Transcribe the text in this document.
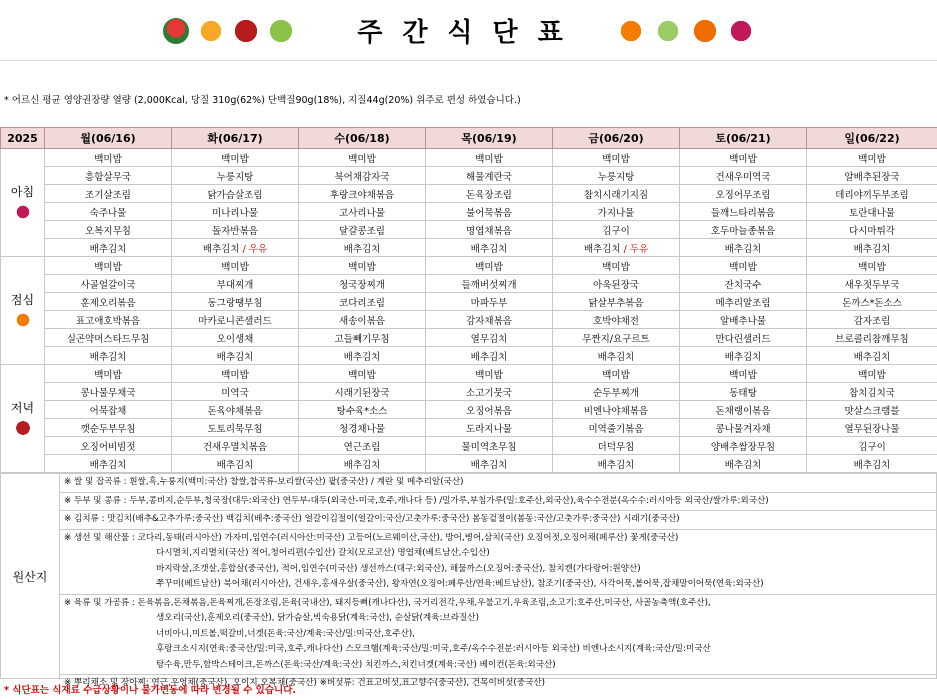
주간식단표
* 어르신 평균 영양권장량 열량 (2,000Kcal, 당질 310g(62%) 단백질90g(18%), 지질44g(20%) 위주로 편성 하였습니다.)
2025	월(06/16)	화(06/17)	수(06/18)	목(06/19)	금(06/20)	토(06/21)	일(06/22)

아침	백미밥	백미밥	백미밥	백미밥	백미밥	백미밥	백미밥
	흥함살무국	누룽지탕	북어채감자국	해물계란국	누룽지탕	건새우미역국	알배추된장국
	조기살조림	닭가슴살조림	후랑크야채볶음	돈육장조림	참치시래기지짐	오징어무조림	데리야끼두부조림
	숙주나물	미나리나물	고사리나물	불어묵볶음	가지나물	들깨느타리볶음	토란대나물
	오복지무침	돌자반볶음	달걀콩조림	명엽채볶음	김구이	호두마늘종볶음	다시마튀각
	배추김치	배추김치 / 우유	배추김치	배추김치	배추김치 / 두유	배추김치	배추김치

점심	백미밥	백미밥	백미밥	백미밥	백미밥	백미밥	백미밥
	사골얼갈이국	부대찌개	청국장찌개	들깨버섯찌개	아욱된장국	잔치국수	새우젓두부국
	훈제오리볶음	동그랑땡부침	코다리조림	마파두부	닭살부추볶음	메추리알조림	돈까스*돈소스
	표고애호박볶음	마카로니콘샐러드	새송이볶음	감자채볶음	호박야채전	알배추나물	감자조림
	실곤약머스타드무침	오이생채	고들빼기무침	열무김치	무짠지/요구르트	만다린샐러드	브로콜리참깨무침
	배추김치	배추김치	배추김치	배추김치	배추김치	배추김치	배추김치

저녁	백미밥	백미밥	백미밥	백미밥	백미밥	백미밥	백미밥
	콩나물무채국	미역국	시래기된장국	소고기뭇국	순두부찌개	동태탕	참치김치국
	어묵잡채	돈육야채볶음	탕수육*소스	오징어볶음	비엔나야채볶음	돈채랭이볶음	맛살스크램블
	깻순두부무침	도토리묵무침	청경채나물	도라지나물	미역줄기볶음	콩나물겨자채	열무된장나물
	오징어비빔젓	건새우멸치볶음	연근조림	물미역초무침	더덕무침	양배추쌈장무침	김구이
	배추김치	배추김치	배추김치	배추김치	배추김치	배추김치	배추김치
원산지
※ 쌀 및 잡곡류 : 흰쌀,흑,누룽지(백미:국산) 찹쌀,찹곡류-보리쌀(국산) 팥(중국산) / 계란 및 메추리알(국산)
※ 두부 및 콩류 : 두부,콩비지,순두부,청국장(대두:외국산) 연두부-대두(외국산-미국,호주,캐나다 등) /밀가루,부침가루(밀:호주산,외국산),육수수전분(옥수수:러시아등 외국산/쌀가루:외국산)
※ 김치류 : 맛김치(배추&고추가루:중국산) 백김치(배추:중국산) 얼갈이김절이(얼갈이:국산/고춧가루:중국산) 봄동겉절이(봄동:국산/고춧가루:중국산) 시래기(중국산)
※ 생선 및 해산물 : 코다리,동태(러시아산) 가자미,임연수(러시아산:미국산) 고등어(노르웨이산,국산), 방어,병어,삼치(국산) 오징어젓,오징어채(페루산) 꽃게(중국산)
다시멸치,지리멸치(국산) 적어,청어리편(수입산) 갈치(모로코산) 명엽채(베트남산,수입산)
바지락살,조갯살,홍합살(중국산), 적어,임연수(미국산) 생선까스(대구:외국산), 해물까스(오징어:중국산), 참치캔(가다랑어:원양산)
쭈꾸미(베트남산) 북어채(러시아산), 건새우,홍새우살(중국산), 왕자연(오징어:페루산/연육:베트남산), 참조기(중국산), 사각어묵,볼어묵,잡채말이어묵(연육:외국산)
※ 육류 및 가공류 : 돈육볶음,돈채볶음,돈육찌개,돈장조림,돈육(국내산), 돼지등뼈(캐나다산), 국거리전각,우채,우불고기,우육조림,소고기:호주산,미국산, 사골농축액(호주산),
생오리(국산),훈제오리(중국산), 닭가슴살,빅숙용닭(계육:국산), 순살닭(계육:브라질산)
너비아니,미트볼,떡갈비,너겟(돈육:국산/계육:국산/밀:미국산,호주산),
후랑크소시지(연육:중국산/밀:미국,호주,캐나다산) 스모크햄(계육:국산/밀:미국,호주/옥수수전분:러시아등 외국산) 비엔나소시지(계육:국산/밀:미국산
탕수육,만두,함박스테이크,돈까스(돈육:국산/계육:국산) 치킨까스,치킨너겟(계육:국산) 베이컨(돈육:외국산)
※ 뿌리채소 및 장아찌: 연근,우엉채(중국산), 오이지,오복채(중국산) ※버섯류: 건표고버섯,표고향수(중국산), 건목이버섯(중국산)
* 식단표는 식재료 수급상황이나 물가변동에 따라 변경될 수 있습니다.
